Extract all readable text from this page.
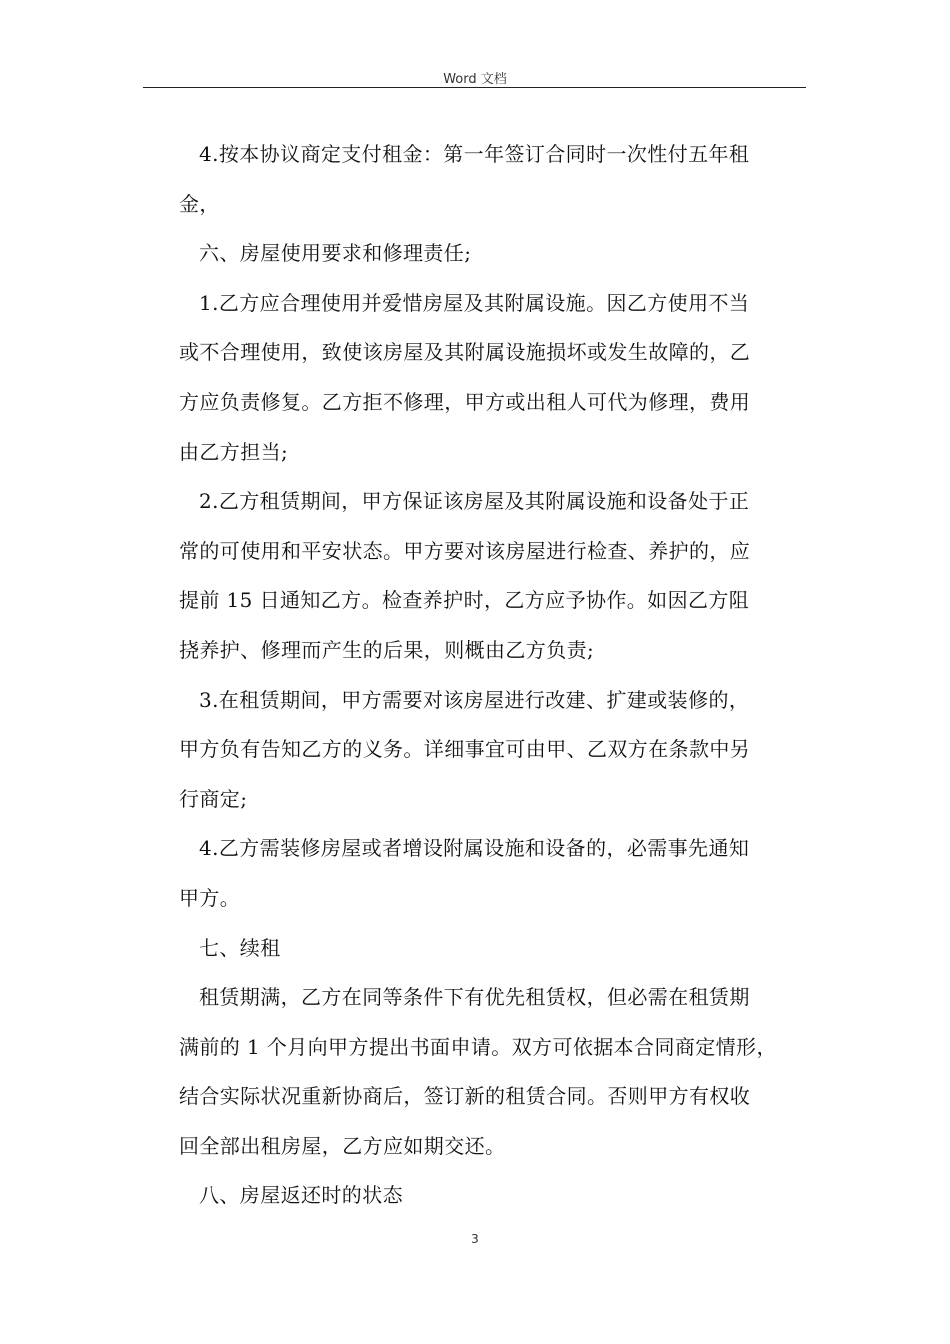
Word 文档

4.按本协议商定支付租金：第一年签订合同时一次性付五年租
金，

六、房屋使用要求和修理责任;

1.乙方应合理使用并爱惜房屋及其附属设施。因乙方使用不当
或不合理使用，致使该房屋及其附属设施损坏或发生故障的，乙
方应负责修复。乙方拒不修理，甲方或出租人可代为修理，费用
由乙方担当;

2.乙方租赁期间，甲方保证该房屋及其附属设施和设备处于正
常的可使用和平安状态。甲方要对该房屋进行检查、养护的，应
提前 15 日通知乙方。检查养护时，乙方应予协作。如因乙方阻
挠养护、修理而产生的后果，则概由乙方负责;

3.在租赁期间，甲方需要对该房屋进行改建、扩建或装修的，
甲方负有告知乙方的义务。详细事宜可由甲、乙双方在条款中另
行商定;

4.乙方需装修房屋或者增设附属设施和设备的，必需事先通知
甲方。

七、续租

租赁期满，乙方在同等条件下有优先租赁权，但必需在租赁期
满前的 1 个月向甲方提出书面申请。双方可依据本合同商定情形，
结合实际状况重新协商后，签订新的租赁合同。否则甲方有权收
回全部出租房屋，乙方应如期交还。

八、房屋返还时的状态

3
